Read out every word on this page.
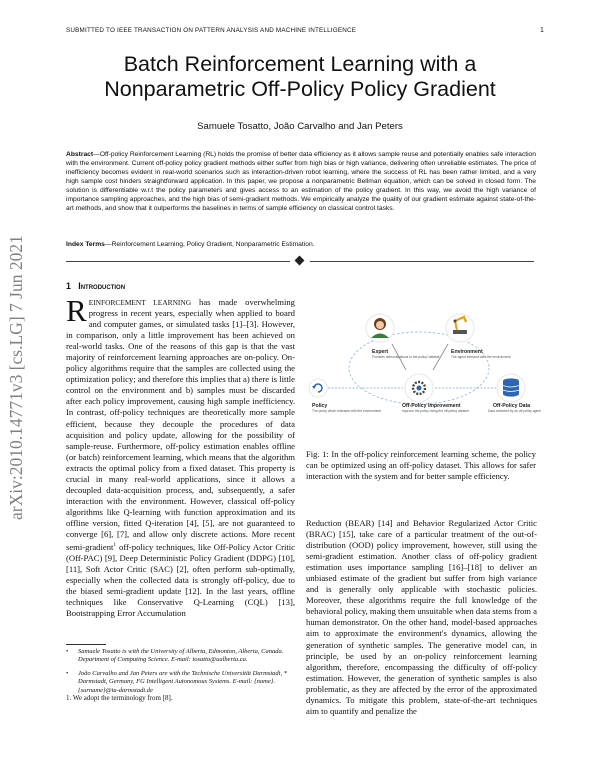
SUBMITTED TO IEEE TRANSACTION ON PATTERN ANALYSIS AND MACHINE INTELLIGENCE	1
Batch Reinforcement Learning with a
Nonparametric Off-Policy Policy Gradient
Samuele Tosatto, João Carvalho and Jan Peters
Abstract—Off-policy Reinforcement Learning (RL) holds the promise of better data efficiency as it allows sample reuse and potentially enables safe interaction with the environment. Current off-policy policy gradient methods either suffer from high bias or high variance, delivering often unreliable estimates. The price of inefficiency becomes evident in real-world scenarios such as interaction-driven robot learning, where the success of RL has been rather limited, and a very high sample cost hinders straightforward application. In this paper, we propose a nonparametric Bellman equation, which can be solved in closed form. The solution is differentiable w.r.t the policy parameters and gives access to an estimation of the policy gradient. In this way, we avoid the high variance of importance sampling approaches, and the high bias of semi-gradient methods. We empirically analyze the quality of our gradient estimate against state-of-the-art methods, and show that it outperforms the baselines in terms of sample efficiency on classical control tasks.
Index Terms—Reinforcement Learning, Policy Gradient, Nonparametric Estimation.
arXiv:2010.14771v3 [cs.LG] 7 Jun 2021	1 Introduction
REINFORCEMENT LEARNING has made overwhelming progress in recent years, especially when applied to board and computer games, or simulated tasks [1]–[3]. However, in comparison, only a little improvement has been achieved on real-world tasks. One of the reasons of this gap is that the vast majority of reinforcement learning approaches are on-policy. On-policy algorithms require that the samples are collected using the optimization policy; and therefore this implies that a) there is little control on the environment and b) samples must be discarded after each policy improvement, causing high sample inefficiency. In contrast, off-policy techniques are theoretically more sample efficient, because they decouple the procedures of data acquisition and policy update, allowing for the possibility of sample-reuse. Furthermore, off-policy estimation enables offline (or batch) reinforcement learning, which means that the algorithm extracts the optimal policy from a fixed dataset. This property is crucial in many real-world applications, since it allows a decoupled data-acquisition process, and, subsequently, a safer interaction with the environment. However, classical off-policy algorithms like Q-learning with function approximation and its offline version, fitted Q-iteration [4], [5], are not guaranteed to converge [6], [7], and allow only discrete actions. More recent semi-gradient$^1$ off-policy techniques, like Off-Policy Actor Critic (Off-PAC) [9], Deep Deterministic Policy Gradient (DDPG) [10], [11], Soft Actor Critic (SAC) [2], often perform sub-optimally, especially when the collected data is strongly off-policy, due to the biased semi-gradient update [12]. In the last years, offline techniques like Conservative Q-Learning (CQL) [13], Bootstrapping Error Accumulation
• Samuele Tosatto is with the University of Alberta, Edmonton, Alberta, Canada. Department of Computing Science. E-mail: tosatto@ualberta.ca.
• João Carvalho and Jan Peters are with the Technische Universität Darmstadt, * Darmstadt, Germany, FG Intelligent Autonomous Systems. E-mail: {name}.{surname}@tu-darmstadt.de
1. We adopt the terminology from [8].
Expert
Provides demonstrations to the policy/ dataset
Environment
The agent interacts with the environment
Policy
The policy which interacts with the environment
Off-Policy Improvement
Improve the policy using the off-policy dataset
Off-Policy Data
Data collected by an off-policy agent
Fig. 1: In the off-policy reinforcement learning scheme, the policy can be optimized using an off-policy dataset. This allows for safer interaction with the system and for better sample efficiency.
Reduction (BEAR) [14] and Behavior Regularized Actor Critic (BRAC) [15], take care of a particular treatment of the out-of-distribution (OOD) policy improvement, however, still using the semi-gradient estimation. Another class of off-policy gradient estimation uses importance sampling [16]–[18] to deliver an unbiased estimate of the gradient but suffer from high variance and is generally only applicable with stochastic policies. Moreover, these algorithms require the full knowledge of the behavioral policy, making them unsuitable when data stems from a human demonstrator. On the other hand, model-based approaches aim to approximate the environment's dynamics, allowing the generation of synthetic samples. The generative model can, in principle, be used by an on-policy reinforcement learning algorithm, therefore, encompassing the difficulty of off-policy estimation. However, the generation of synthetic samples is also problematic, as they are affected by the error of the approximated dynamics. To mitigate this problem, state-of-the-art techniques aim to quantify and penalize the
